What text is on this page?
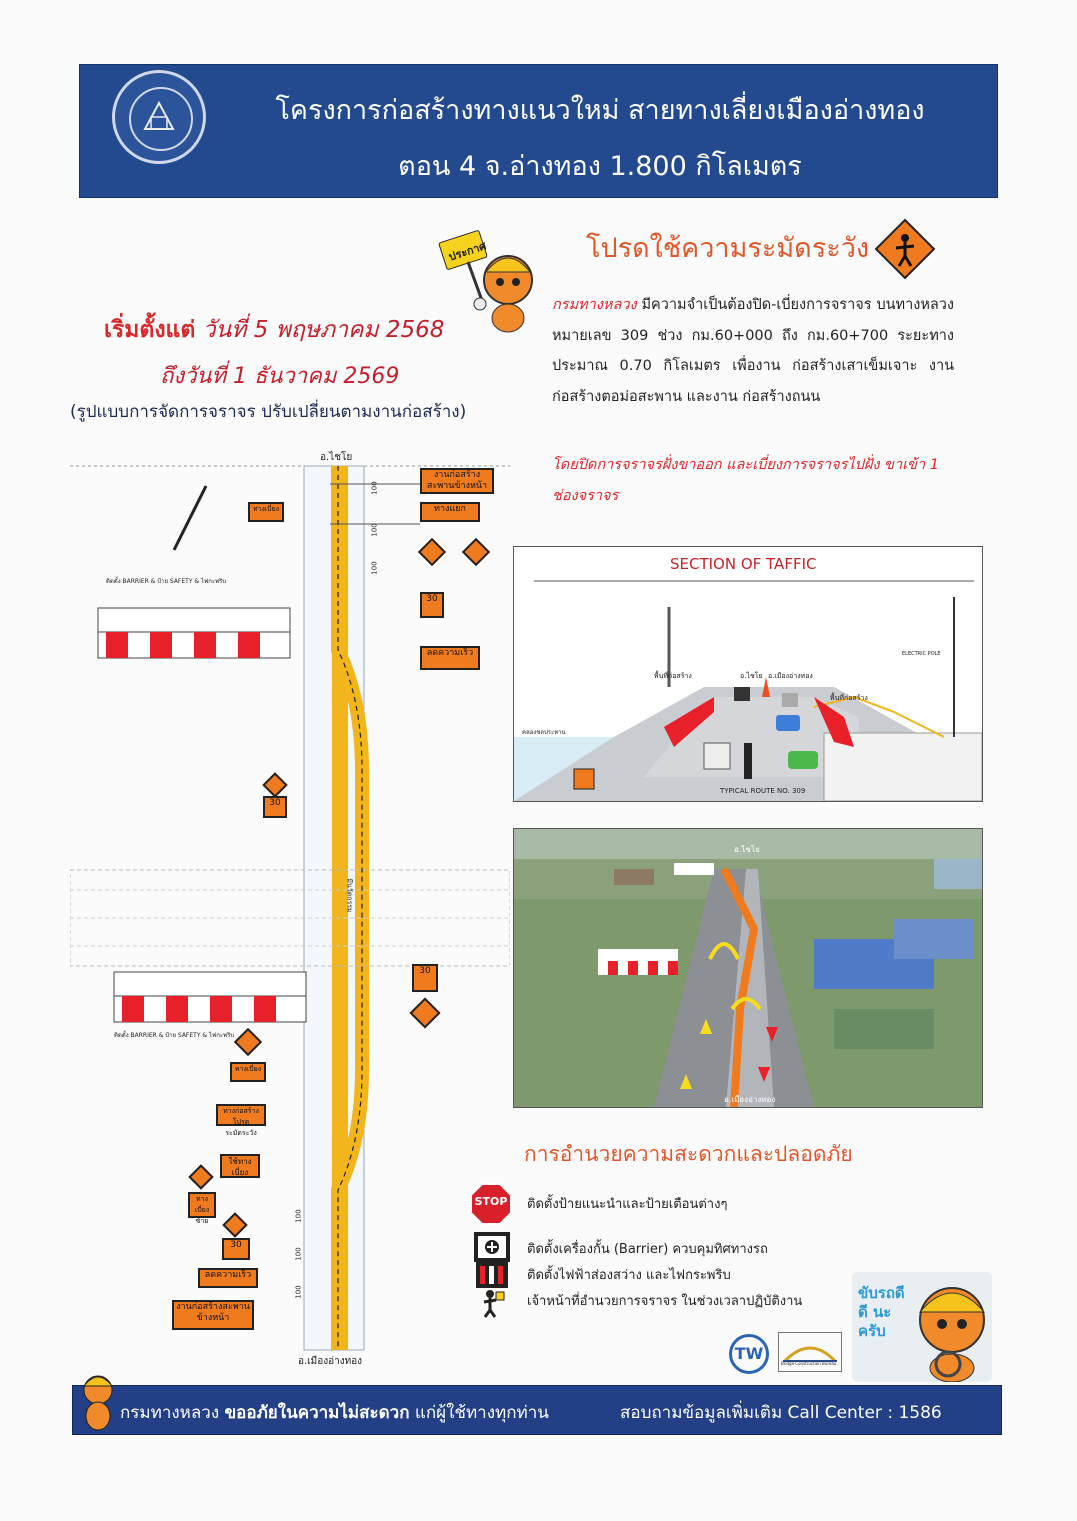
โครงการก่อสร้างทางแนวใหม่ สายทางเลี่ยงเมืองอ่างทอง
ตอน 4 จ.อ่างทอง 1.800 กิโลเมตร
ประกาศ
เริ่มตั้งแต่ วันที่ 5 พฤษภาคม 2568
ถึงวันที่ 1 ธันวาคม 2569
(รูปแบบการจัดการจราจร ปรับเปลี่ยนตามงานก่อสร้าง)
โปรดใช้ความระมัดระวัง
กรมทางหลวง มีความจำเป็นต้องปิด-เบี่ยงการจราจร บนทางหลวงหมายเลข 309 ช่วง กม.60+000 ถึง กม.60+700 ระยะทางประมาณ 0.70 กิโลเมตร เพื่องาน ก่อสร้างเสาเข็มเจาะ งานก่อสร้างตอม่อสะพาน และงาน ก่อสร้างถนน
โดยปิดการจราจรฝั่งขาออก และเบี่ยงการจราจรไปฝั่ง ขาเข้า 1 ช่องจราจร
อ.ไชโย
อ.เมืองอ่างทอง
งานก่อสร้างสะพานข้างหน้า
ทางแยก
ทางเบี่ยง
30
ลดความเร็ว
30
30
ทางเบี่ยง
ทางก่อสร้างโปรดระมัดระวัง
ใช้ทางเบี่ยง
ทางเบี่ยงซ้าย
30
ลดความเร็ว
งานก่อสร้างสะพานข้างหน้า
100
100
100
100
100
100
ติดตั้ง BARRIER & ป้าย SAFETY & ไฟกะพริบ
ติดตั้ง BARRIER & ป้าย SAFETY & ไฟกะพริบ
มีนวัตกรรม
SECTION OF TAFFIC
อ.ไชโย อ.เมืองอ่างทอง
พื้นที่ก่อสร้าง
พื้นที่ก่อสร้าง
คลองชลประทาน
ELECTRIC POLE
TYPICAL ROUTE NO. 309
อ.ไชโย
อ.เมืองอ่างทอง
การอำนวยความสะดวกและปลอดภัย
STOP	ติดตั้งป้ายแนะนำและป้ายเตือนต่างๆ
ติดตั้งเครื่องกั้น (Barrier) ควบคุมทิศทางรถ
ติดตั้งไฟฟ้าส่องสว่าง และไฟกระพริบ
เจ้าหน้าที่อำนวยการจราจร ในช่วงเวลาปฏิบัติงาน
TW
Bridge Construction Bureau
ขับรถดีดี นะครับ
กรมทางหลวง ขออภัยในความไม่สะดวก แก่ผู้ใช้ทางทุกท่าน	สอบถามข้อมูลเพิ่มเติม Call Center : 1586
